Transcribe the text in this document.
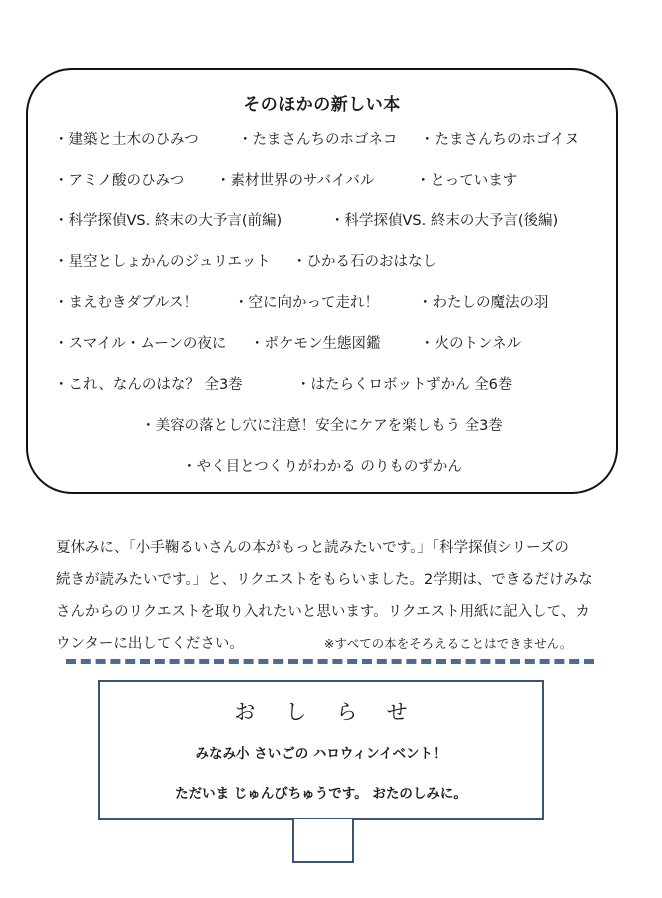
そのほかの新しい本
・建築と土木のひみつ	・たまさんちのホゴネコ ・たまさんちのホゴイヌ
・アミノ酸のひみつ ・素材世界のサバイバル	・とっています
・科学探偵VS. 終末の大予言(前編)	・科学探偵VS. 終末の大予言(後編)
・星空としょかんのジュリエット ・ひかる石のおはなし
・まえむきダブルス！ ・空に向かって走れ！	・わたしの魔法の羽
・スマイル・ムーンの夜に ・ポケモン生態図鑑	・火のトンネル
・これ、なんのはな？ 全3巻	・はたらくロボットずかん 全6巻
・美容の落とし穴に注意！安全にケアを楽しもう 全3巻
・やく目とつくりがわかる のりものずかん
夏休みに、「小手鞠るいさんの本がもっと読みたいです。」「科学探偵シリーズの
続きが読みたいです。」と、リクエストをもらいました。2学期は、できるだけみな
さんからのリクエストを取り入れたいと思います。リクエスト用紙に記入して、カ
ウンターに出してください。	※すべての本をそろえることはできません。
おしらせ
みなみ小 さいごの ハロウィンイベント！
ただいま じゅんびちゅうです。 おたのしみに。
